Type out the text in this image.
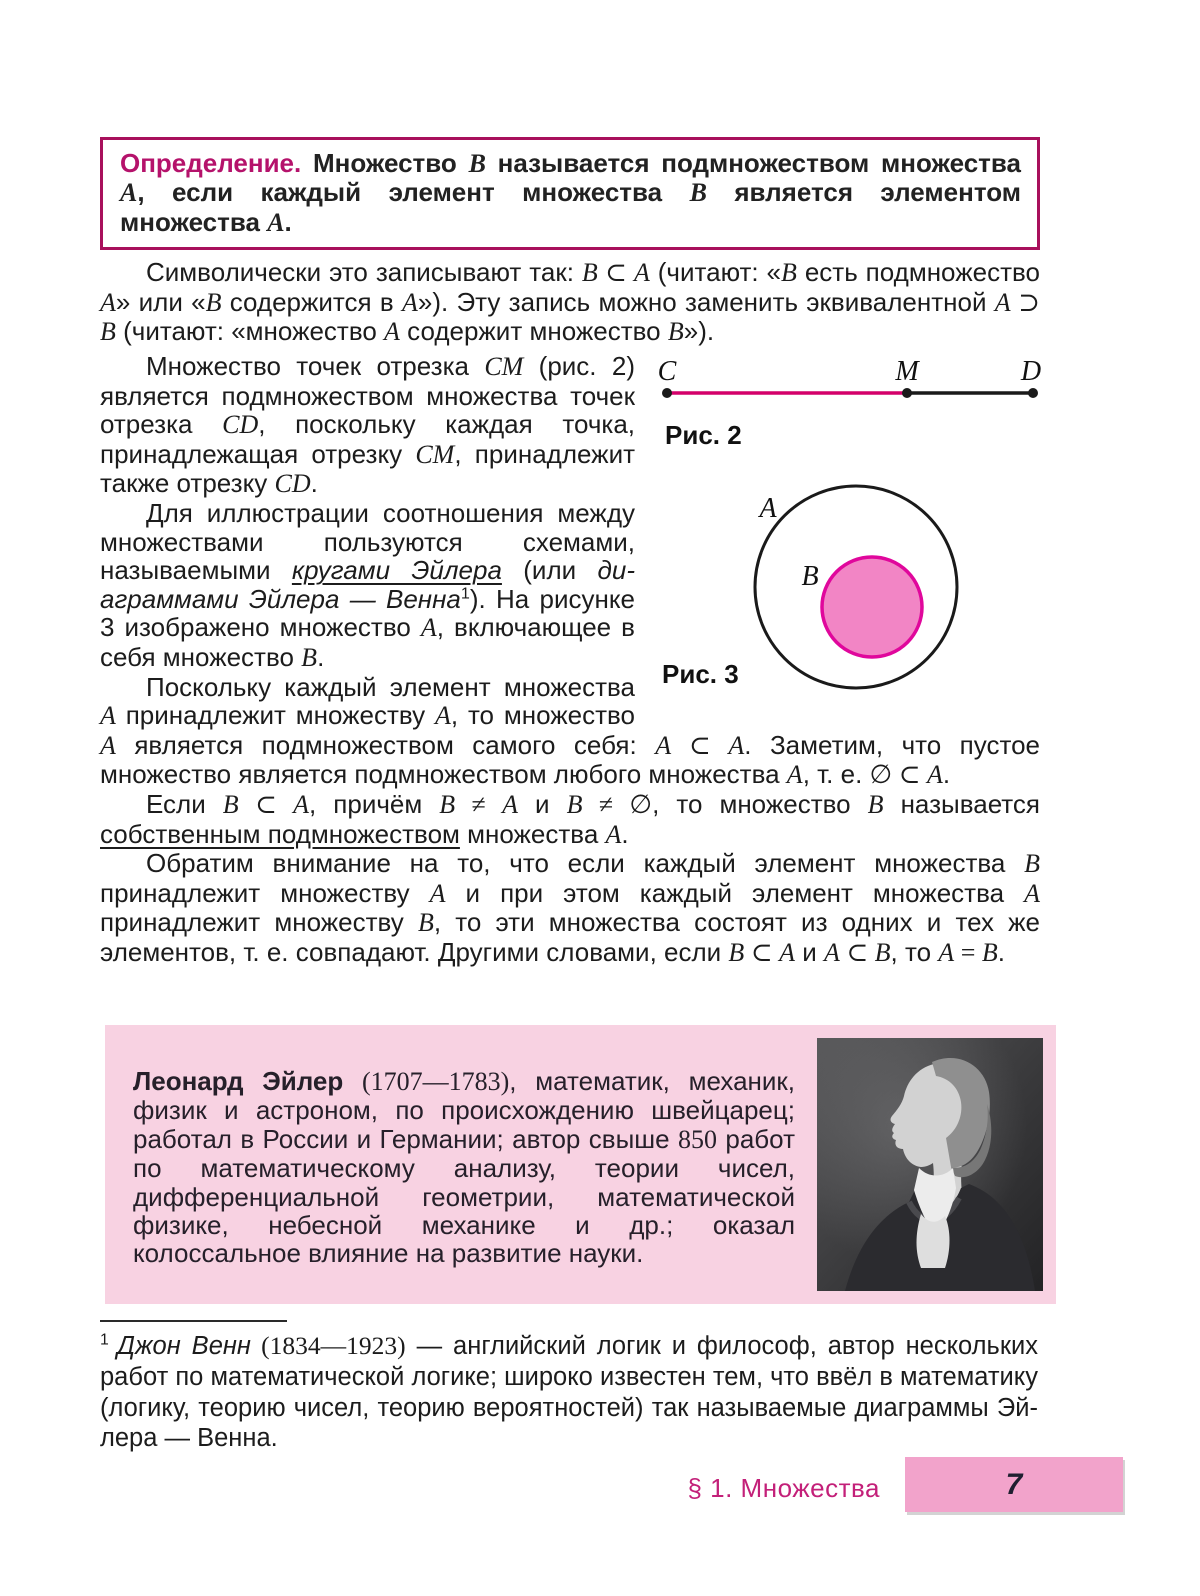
Определение. Множество B называется подмножеством множества A, если каждый элемент множества B является элементом множества A.
Символически это записывают так: B ⊂ A (читают: «B есть подмножество A» или «B содержится в A»). Эту запись можно заменить эквивалентной A ⊃ B (читают: «множество A содержит множество B»).

Множество точек отрезка CM (рис. 2) является подмножеством множества точек отрезка CD, поскольку каждая точка, принадлежащая отрезку CM, принадлежит также отрезку CD.

Для иллюстрации соотношения между множествами пользуются схемами, называемыми кругами Эйлера (или диаграммами Эйлера — Венна$^1$). На рисунке 3 изображено множество A, включающее в себя множество B.

Поскольку каждый элемент множества A принадлежит множеству A, то множество A является подмножеством самого себя: A ⊂ A. Заметим, что пустое множество является подмножеством любого множества A, т. е. ∅ ⊂ A.

Если B ⊂ A, причём B ≠ A и B ≠ ∅, то множество B называется собственным подмножеством множества A.

Обратим внимание на то, что если каждый элемент множества B принадлежит множеству A и при этом каждый элемент множества A принадлежит множеству B, то эти множества состоят из одних и тех же элементов, т. е. совпадают. Другими словами, если B ⊂ A и A ⊂ B, то A = B.

C	M	D
Рис. 2
A
B
Рис. 3
Леонард Эйлер (1707—1783), математик, механик, физик и астроном, по происхождению швейцарец; работал в России и Германии; автор свыше 850 работ по математическому анализу, теории чисел, дифференциальной геометрии, математической физике, небесной механике и др.; оказал колоссальное влияние на развитие науки.
$^1$ Джон Венн (1834—1923) — английский логик и философ, автор нескольких работ по математической логике; широко известен тем, что ввёл в математику (логику, теорию чисел, теорию вероятностей) так называемые диаграммы Эйлера — Венна.
§ 1. Множества	7
